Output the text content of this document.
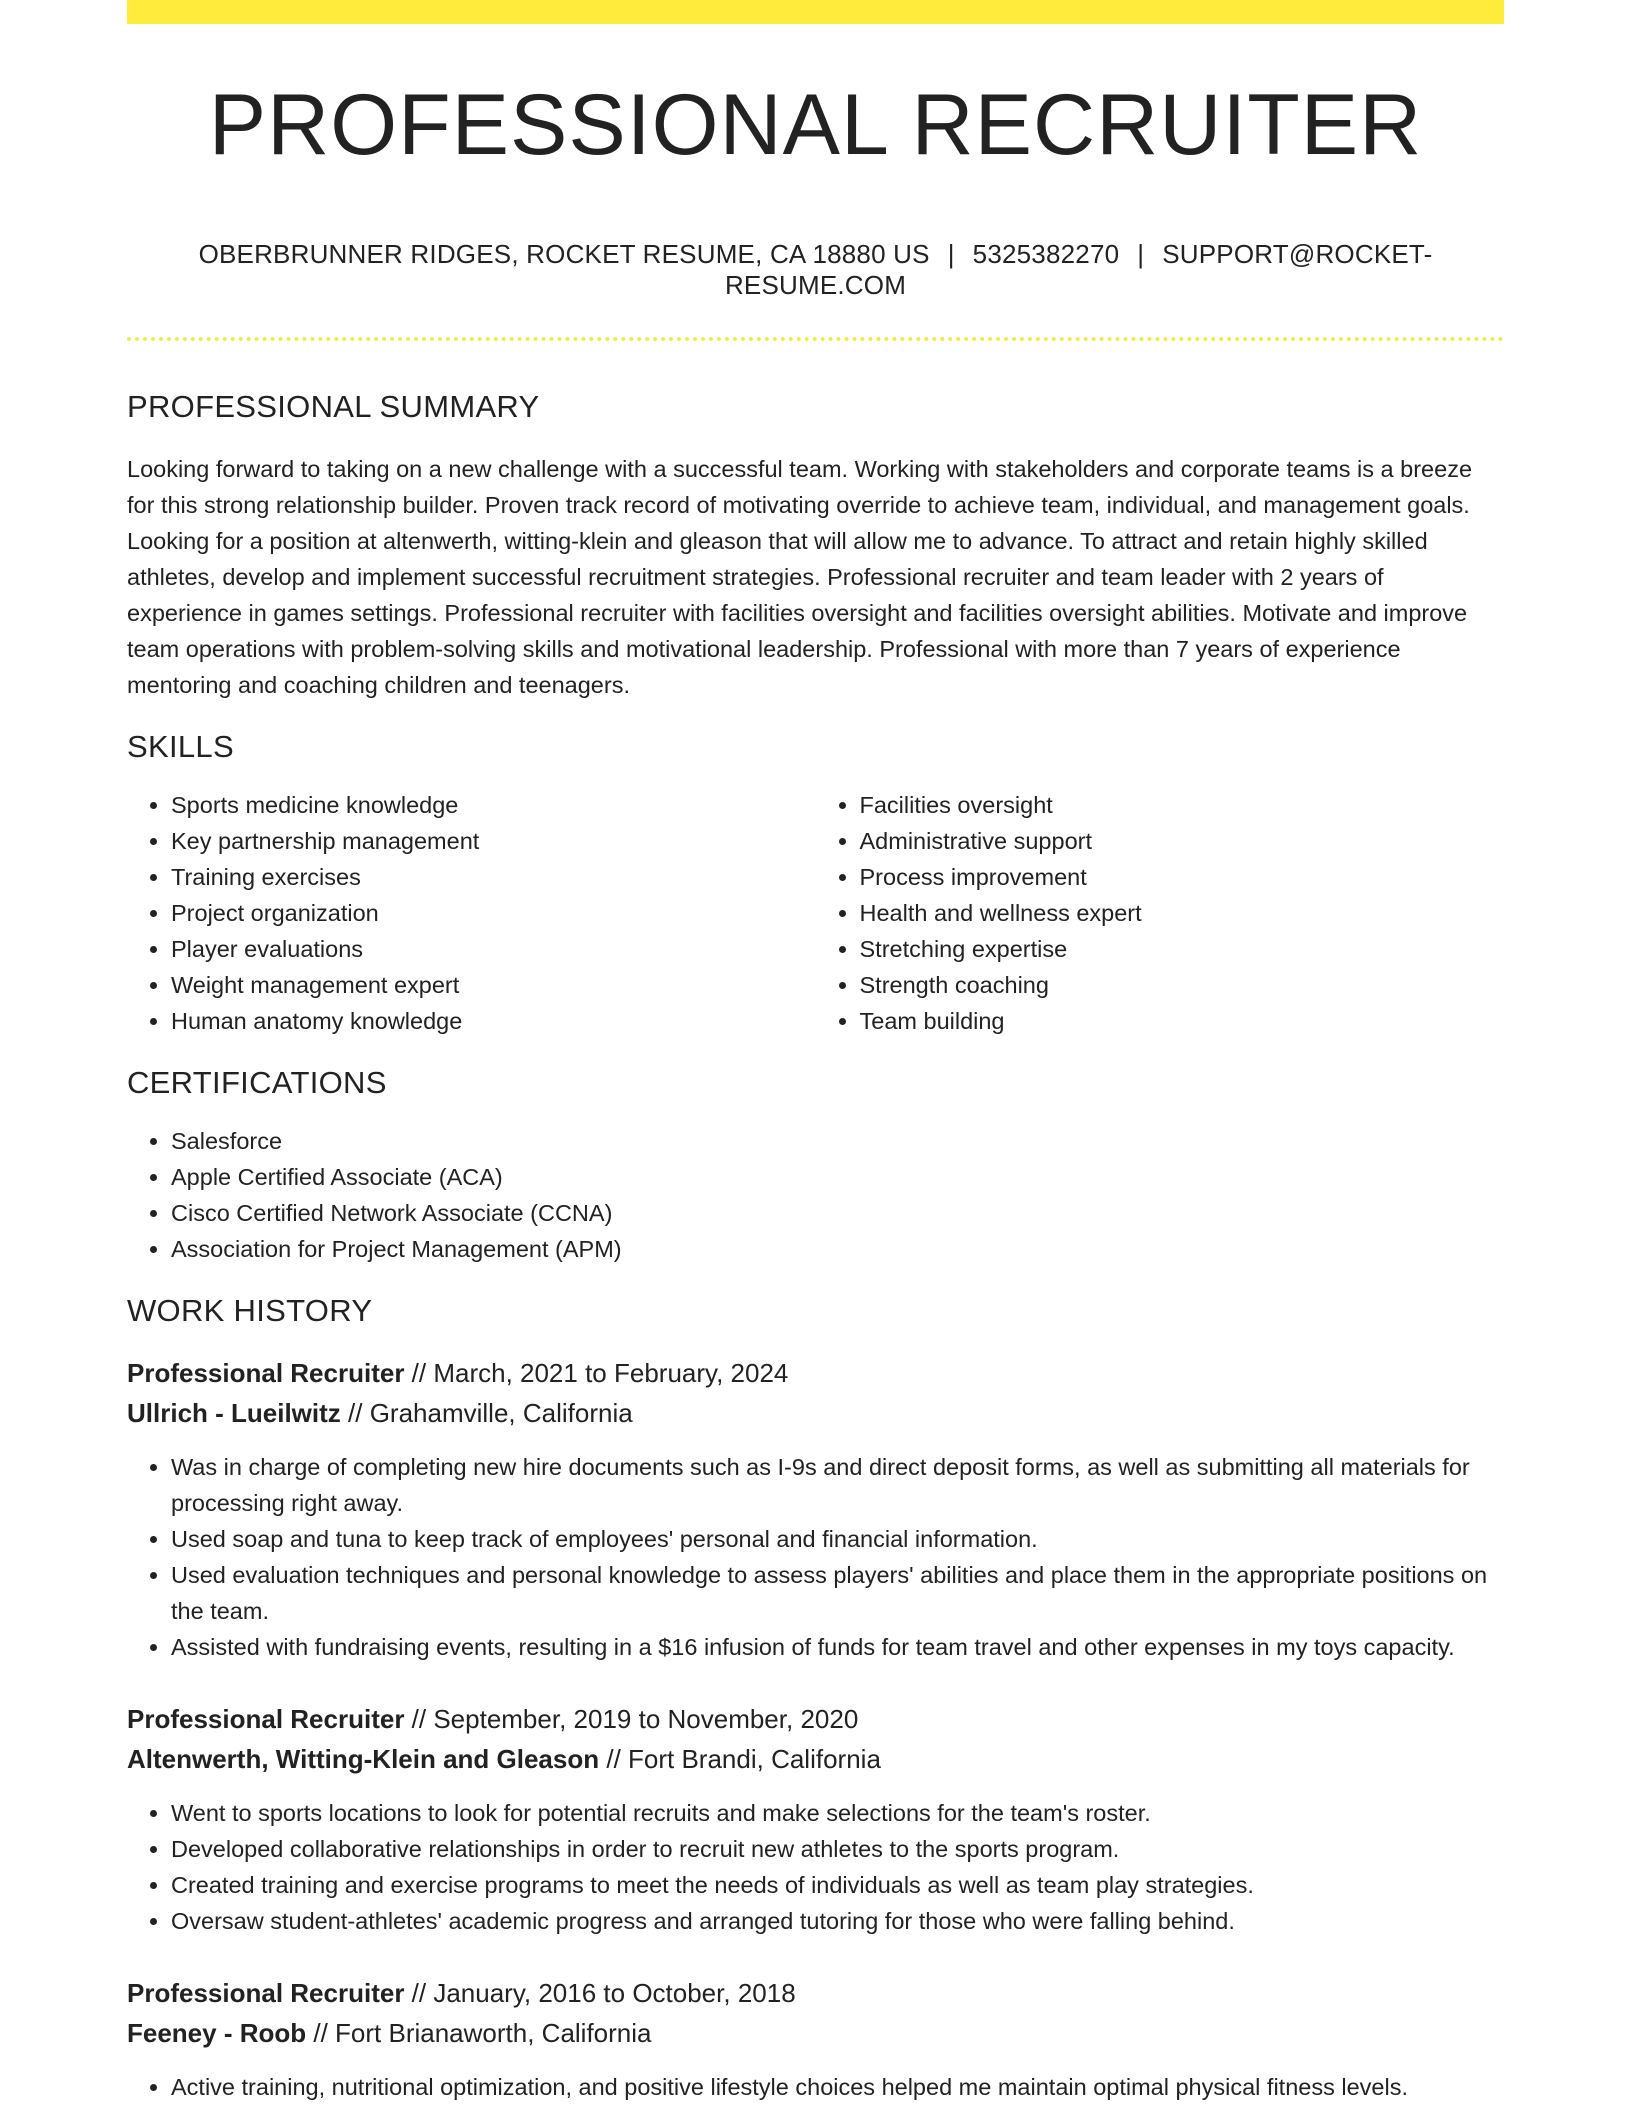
PROFESSIONAL RECRUITER
OBERBRUNNER RIDGES, ROCKET RESUME, CA 18880 US | 5325382270 | SUPPORT@ROCKET-RESUME.COM
PROFESSIONAL SUMMARY

Looking forward to taking on a new challenge with a successful team. Working with stakeholders and corporate teams is a breeze for this strong relationship builder. Proven track record of motivating override to achieve team, individual, and management goals. Looking for a position at altenwerth, witting-klein and gleason that will allow me to advance. To attract and retain highly skilled athletes, develop and implement successful recruitment strategies. Professional recruiter and team leader with 2 years of experience in games settings. Professional recruiter with facilities oversight and facilities oversight abilities. Motivate and improve team operations with problem-solving skills and motivational leadership. Professional with more than 7 years of experience mentoring and coaching children and teenagers.

SKILLS
• Sports medicine knowledge
• Key partnership management
• Training exercises
• Project organization
• Player evaluations
• Weight management expert
• Human anatomy knowledge
• Facilities oversight
• Administrative support
• Process improvement
• Health and wellness expert
• Stretching expertise
• Strength coaching
• Team building
CERTIFICATIONS
• Salesforce
• Apple Certified Associate (ACA)
• Cisco Certified Network Associate (CCNA)
• Association for Project Management (APM)
WORK HISTORY
Professional Recruiter // March, 2021 to February, 2024
Ullrich - Lueilwitz // Grahamville, California
• Was in charge of completing new hire documents such as I-9s and direct deposit forms, as well as submitting all materials for processing right away.
• Used soap and tuna to keep track of employees' personal and financial information.
• Used evaluation techniques and personal knowledge to assess players' abilities and place them in the appropriate positions on the team.
• Assisted with fundraising events, resulting in a $16 infusion of funds for team travel and other expenses in my toys capacity.
Professional Recruiter // September, 2019 to November, 2020
Altenwerth, Witting-Klein and Gleason // Fort Brandi, California
• Went to sports locations to look for potential recruits and make selections for the team's roster.
• Developed collaborative relationships in order to recruit new athletes to the sports program.
• Created training and exercise programs to meet the needs of individuals as well as team play strategies.
• Oversaw student-athletes' academic progress and arranged tutoring for those who were falling behind.
Professional Recruiter // January, 2016 to October, 2018
Feeney - Roob // Fort Brianaworth, California
• Active training, nutritional optimization, and positive lifestyle choices helped me maintain optimal physical fitness levels.
